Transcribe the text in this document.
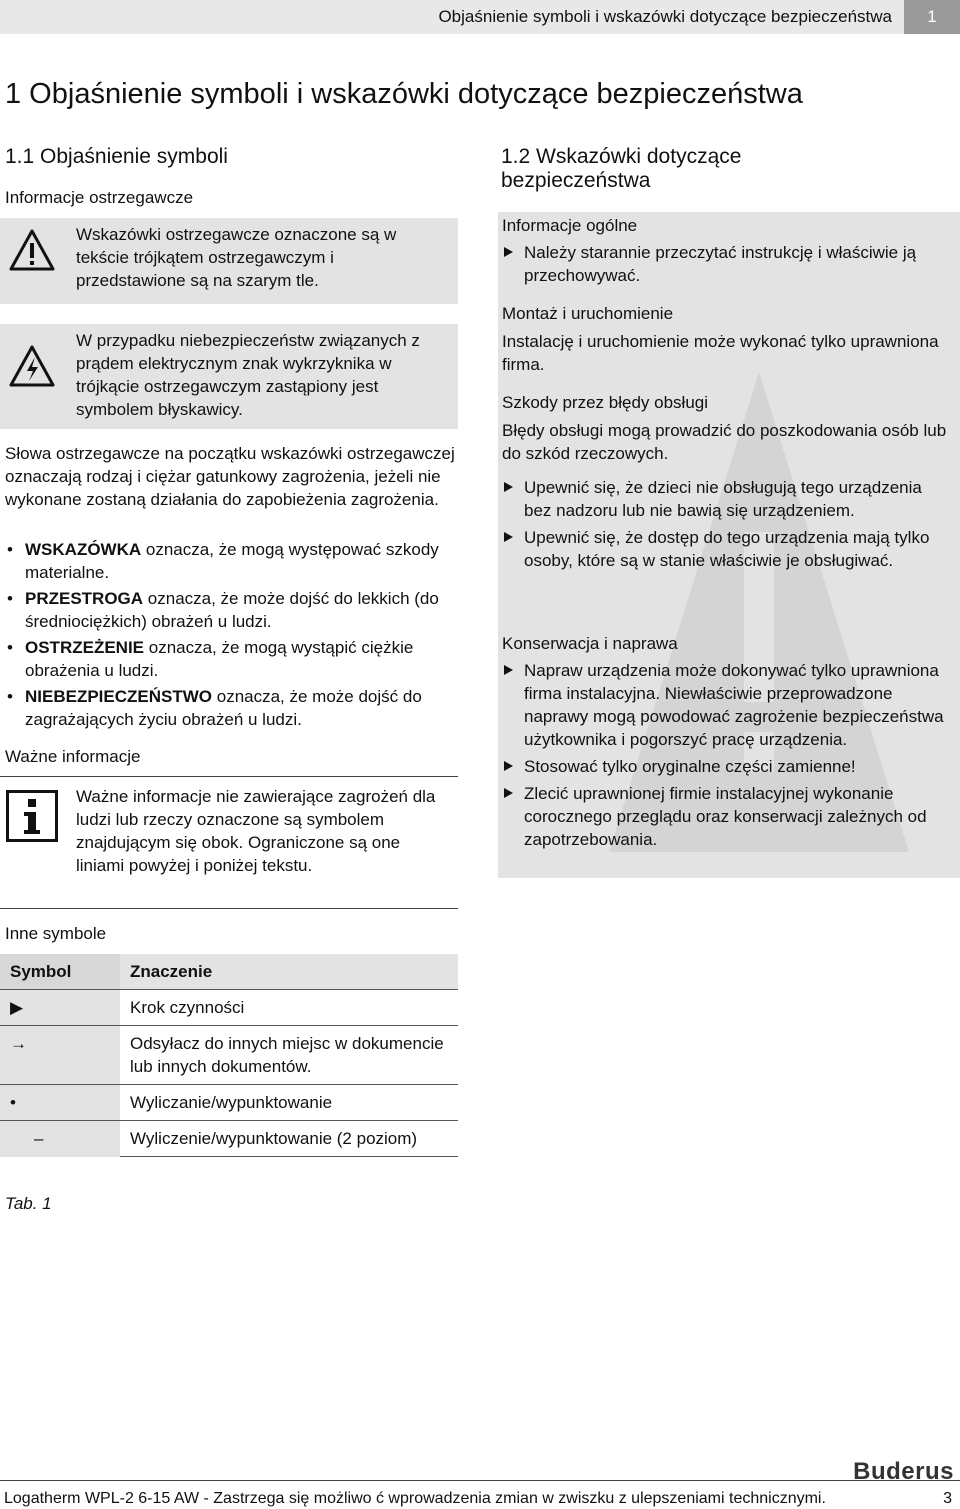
Objaśnienie symboli i wskazówki dotyczące bezpieczeństwa	1
1 Objaśnienie symboli i wskazówki dotyczące bezpieczeństwa
1.1 Objaśnienie symboli
Informacje ostrzegawcze
Wskazówki ostrzegawcze oznaczone są w tekście trójkątem ostrzegawczym i przedstawione są na szarym tle.
W przypadku niebezpieczeństw związanych z prądem elektrycznym znak wykrzyknika w trójkącie ostrzegawczym zastąpiony jest symbolem błyskawicy.
Słowa ostrzegawcze na początku wskazówki ostrzegawczej oznaczają rodzaj i ciężar gatunkowy zagrożenia, jeżeli nie wykonane zostaną działania do zapobieżenia zagrożenia.
• WSKAZÓWKA oznacza, że mogą występować szkody materialne.
• PRZESTROGA oznacza, że może dojść do lekkich (do średniociężkich) obrażeń u ludzi.
• OSTRZEŻENIE oznacza, że mogą wystąpić ciężkie obrażenia u ludzi.
• NIEBEZPIECZEŃSTWO oznacza, że może dojść do zagrażających życiu obrażeń u ludzi.
Ważne informacje
Ważne informacje nie zawierające zagrożeń dla ludzi lub rzeczy oznaczone są symbolem znajdującym się obok. Ograniczone są one liniami powyżej i poniżej tekstu.
Inne symbole
Symbol	Znaczenie
▶	Krok czynności
→	Odsyłacz do innych miejsc w dokumencie lub innych dokumentów.
•	Wyliczanie/wypunktowanie
–	Wyliczenie/wypunktowanie (2 poziom)
Tab. 1
1.2 Wskazówki dotyczące bezpieczeństwa
Informacje ogólne
Należy starannie przeczytać instrukcję i właściwie ją przechowywać.
Montaż i uruchomienie
Instalację i uruchomienie może wykonać tylko uprawniona firma.
Szkody przez błędy obsługi
Błędy obsługi mogą prowadzić do poszkodowania osób lub do szkód rzeczowych.
Upewnić się, że dzieci nie obsługują tego urządzenia bez nadzoru lub nie bawią się urządzeniem.
Upewnić się, że dostęp do tego urządzenia mają tylko osoby, które są w stanie właściwie je obsługiwać.
Konserwacja i naprawa
Napraw urządzenia może dokonywać tylko uprawniona firma instalacyjna. Niewłaściwie przeprowadzone naprawy mogą powodować zagrożenie bezpieczeństwa użytkownika i pogorszyć pracę urządzenia.
Stosować tylko oryginalne części zamienne!
Zlecić uprawnionej firmie instalacyjnej wykonanie corocznego przeglądu oraz konserwacji zależnych od zapotrzebowania.
Buderus
Logatherm WPL-2 6-15 AW - Zastrzega się możliwo ć wprowadzenia zmian w zwiszku z ulepszeniami technicznymi.	3
